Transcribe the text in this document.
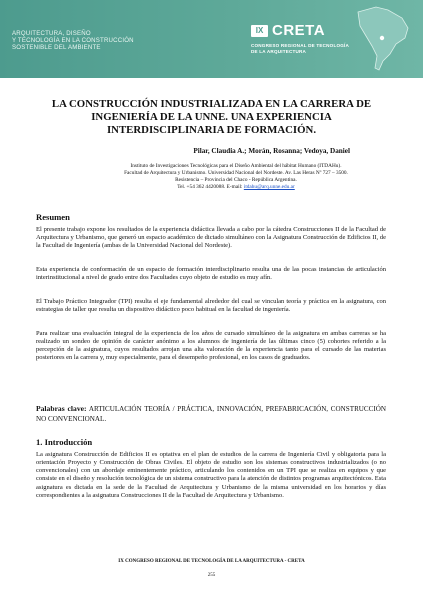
ARQUITECTURA, DISEÑO
Y TECNOLOGÍA EN LA CONSTRUCCIÓN
SOSTENIBLE DEL AMBIENTE
IX CRETA
CONGRESO REGIONAL DE TECNOLOGÍA
DE LA ARQUITECTURA
LA CONSTRUCCIÓN INDUSTRIALIZADA EN LA CARRERA DE
INGENIERÍA DE LA UNNE. UNA EXPERIENCIA
INTERDISCIPLINARIA DE FORMACIÓN.
Pilar, Claudia A.; Morán, Rosanna; Vedoya, Daniel
Instituto de Investigaciones Tecnológicas para el Diseño Ambiental del hábitat Humano (ITDAHu).
Facultad de Arquitectura y Urbanismo. Universidad Nacional del Nordeste. Av. Las Heras Nº 727 – 3500.
Resistencia – Provincia del Chaco - República Argentina.
Tel. +54 362 4420088. E-mail: itdahu@arq.unne.edu.ar
Resumen
El presente trabajo expone los resultados de la experiencia didáctica llevada a cabo por la cátedra Construcciones II de la Facultad de Arquitectura y Urbanismo, que generó un espacio académico de dictado simultáneo con la Asignatura Construcción de Edificios II, de la Facultad de Ingeniería (ambas de la Universidad Nacional del Nordeste).
Esta experiencia de conformación de un espacio de formación interdisciplinario resulta una de las pocas instancias de articulación interinstitucional a nivel de grado entre dos Facultades cuyo objeto de estudio es muy afín.
El Trabajo Práctico Integrador (TPI) resulta el eje fundamental alrededor del cual se vinculan teoría y práctica en la asignatura, con estrategias de taller que resulta un dispositivo didáctico poco habitual en la facultad de ingeniería.
Para realizar una evaluación integral de la experiencia de los años de cursado simultáneo de la asignatura en ambas carreras se ha realizado un sondeo de opinión de carácter anónimo a los alumnos de ingeniería de las últimas cinco (5) cohortes referido a la percepción de la asignatura, cuyos resultados arrojan una alta valoración de la experiencia tanto para el cursado de las materias posteriores en la carrera y, muy especialmente, para el desempeño profesional, en los casos de graduados.
Palabras clave: ARTICULACIÓN TEORÍA / PRÁCTICA, INNOVACIÓN, PREFABRICACIÓN, CONSTRUCCIÓN NO CONVENCIONAL.
1. Introducción
La asignatura Construcción de Edificios II es optativa en el plan de estudios de la carrera de Ingeniería Civil y obligatoria para la orientación Proyecto y Construcción de Obras Civiles. El objeto de estudio son los sistemas constructivos industrializados (o no convencionales) con un abordaje eminentemente práctico, articulando los contenidos en un TPI que se realiza en equipos y que consiste en el diseño y resolución tecnológica de un sistema constructivo para la atención de distintos programas arquitectónicos. Esta asignatura es dictada en la sede de la Facultad de Arquitectura y Urbanismo de la misma universidad en los horarios y días correspondientes a la asignatura Construcciones II de la Facultad de Arquitectura y Urbanismo.
IX CONGRESO REGIONAL DE TECNOLOGÍA DE LA ARQUITECTURA - CRETA
255
